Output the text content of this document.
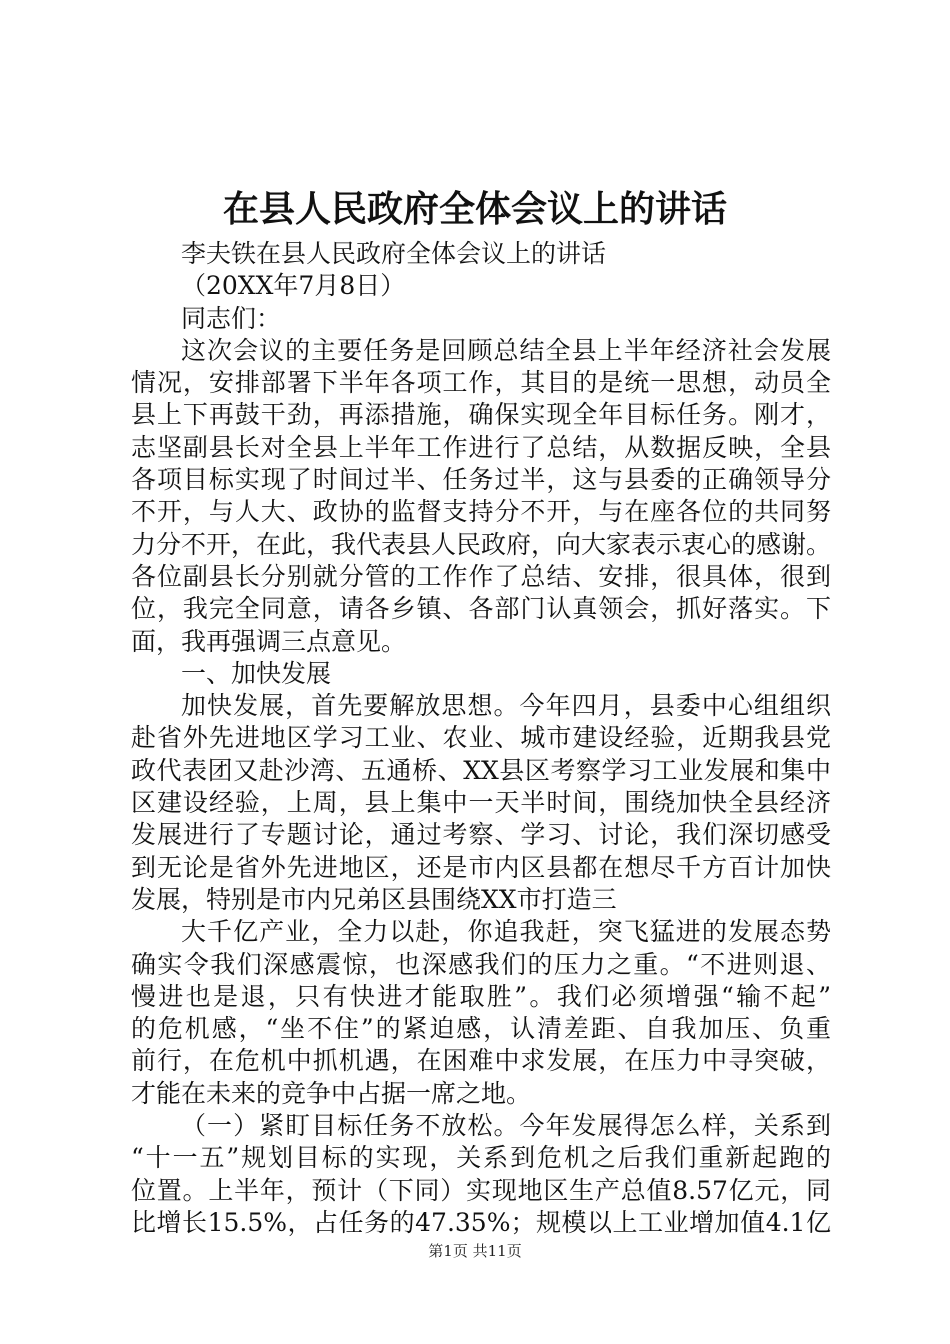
在县人民政府全体会议上的讲话
李夫铁在县人民政府全体会议上的讲话
（20XX年7月8日）
同志们：
这次会议的主要任务是回顾总结全县上半年经济社会发展
情况，安排部署下半年各项工作，其目的是统一思想，动员全
县上下再鼓干劲，再添措施，确保实现全年目标任务。刚才，
志坚副县长对全县上半年工作进行了总结，从数据反映，全县
各项目标实现了时间过半、任务过半，这与县委的正确领导分
不开，与人大、政协的监督支持分不开，与在座各位的共同努
力分不开，在此，我代表县人民政府，向大家表示衷心的感谢。
各位副县长分别就分管的工作作了总结、安排，很具体，很到
位，我完全同意，请各乡镇、各部门认真领会，抓好落实。下
面，我再强调三点意见。
一、加快发展
加快发展，首先要解放思想。今年四月，县委中心组组织
赴省外先进地区学习工业、农业、城市建设经验，近期我县党
政代表团又赴沙湾、五通桥、XX县区考察学习工业发展和集中
区建设经验，上周，县上集中一天半时间，围绕加快全县经济
发展进行了专题讨论，通过考察、学习、讨论，我们深切感受
到无论是省外先进地区，还是市内区县都在想尽千方百计加快
发展，特别是市内兄弟区县围绕XX市打造三
大千亿产业，全力以赴，你追我赶，突飞猛进的发展态势
确实令我们深感震惊，也深感我们的压力之重。“不进则退、
慢进也是退，只有快进才能取胜”。我们必须增强“输不起”
的危机感，“坐不住”的紧迫感，认清差距、自我加压、负重
前行，在危机中抓机遇，在困难中求发展，在压力中寻突破，
才能在未来的竞争中占据一席之地。
（一）紧盯目标任务不放松。今年发展得怎么样，关系到
“十一五”规划目标的实现，关系到危机之后我们重新起跑的
位置。上半年，预计（下同）实现地区生产总值8.57亿元，同
比增长15.5%，占任务的47.35%；规模以上工业增加值4.1亿
第1页 共11页
